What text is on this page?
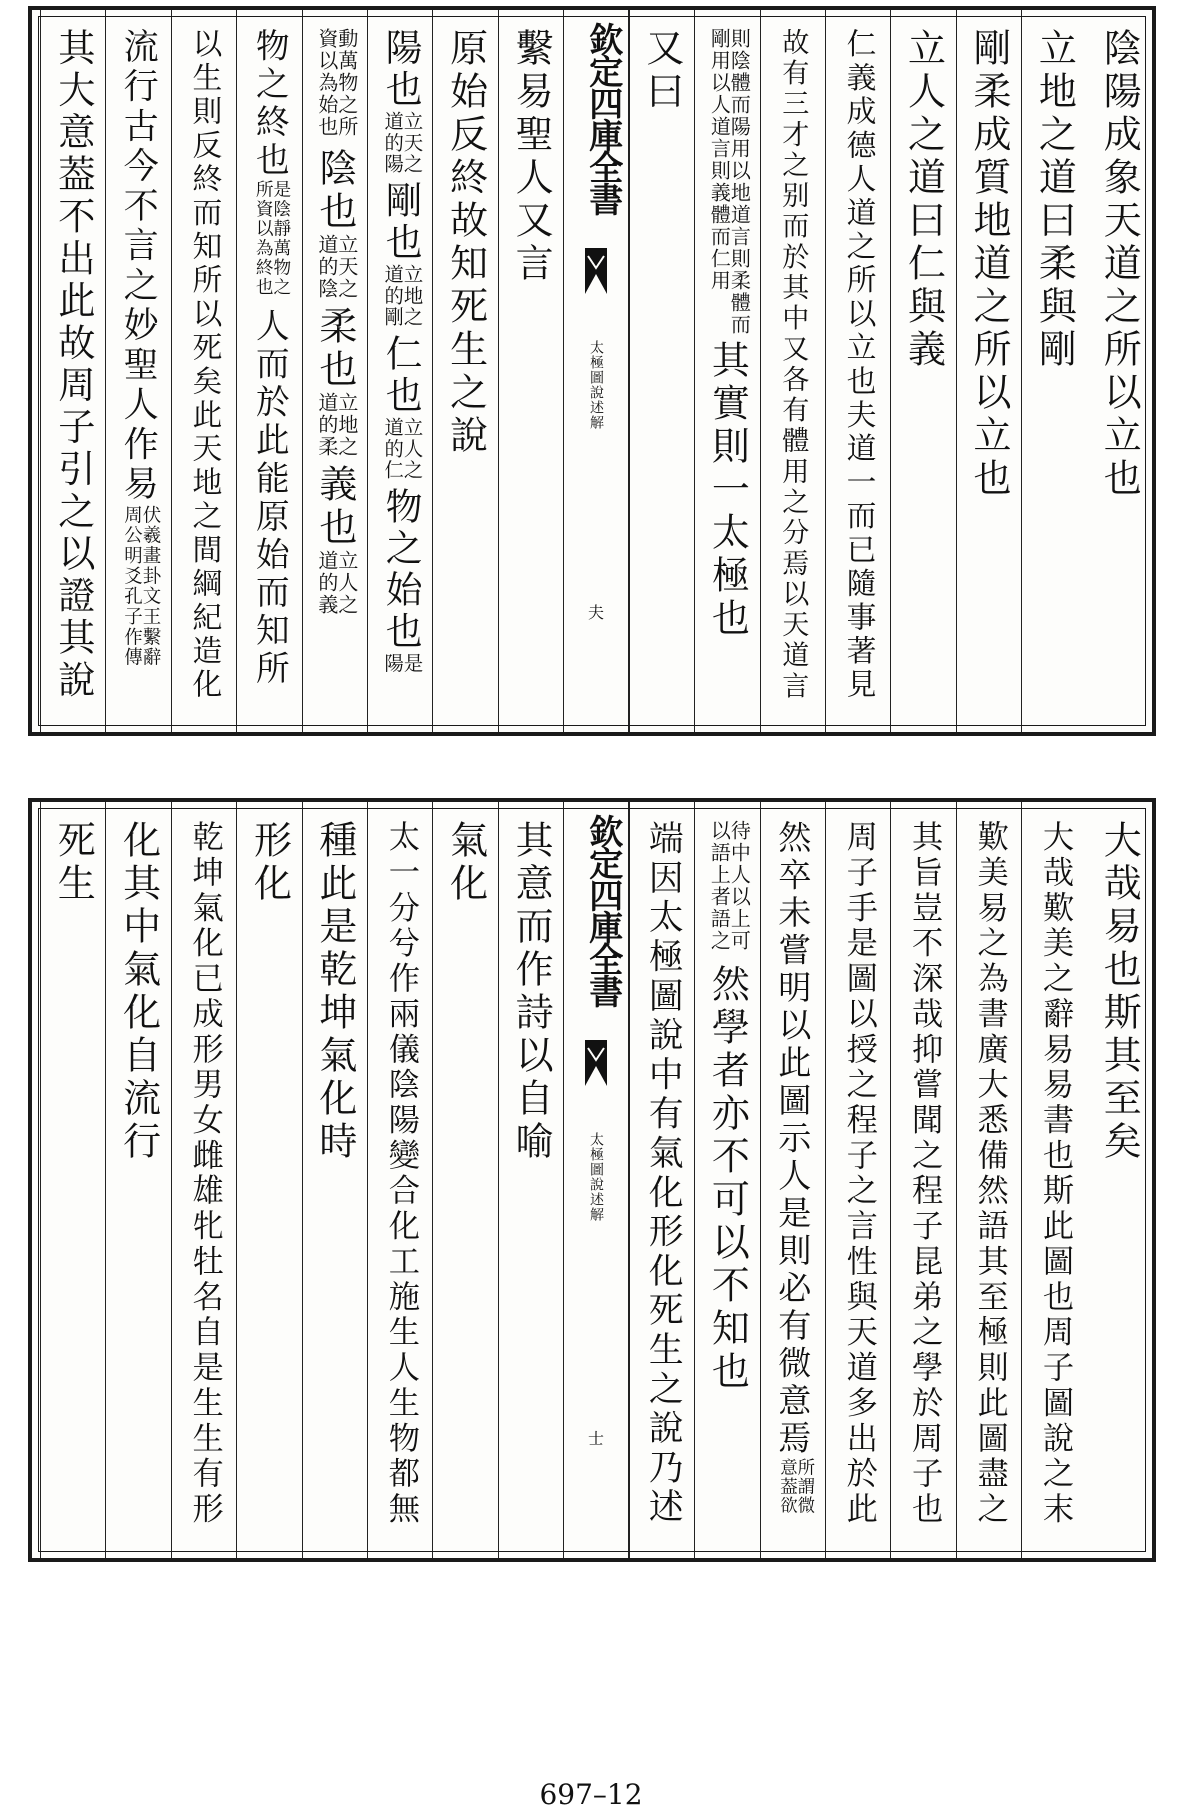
陰陽成象天道之所以立也
立地之道曰柔與剛
剛柔成質地道之所以立也
立人之道曰仁與義
仁義成德人道之所以立也夫道一而已隨事著見
故有三才之别而於其中又各有體用之分焉以天道言
則陰體而陽用以地道言則柔體而剛用以人道言則義體而仁用
其實則一太極也
又曰
欽定四庫全書
太極圖說述解
夫
繫易聖人又言
原始反終故知死生之說
陽也
立天之道的陽
剛也
立地之道的剛
仁也
立人之道的仁
物之始也
是陽
動萬物之所資以為始也
陰也
立天之道的陰
柔也
立地之道的柔
義也
立人之道的義
物之終也
是陰靜萬物之所資以為終也
人而於此能原始而知所
以生則反終而知所以死矣此天地之間綱紀造化
流行古今不言之妙聖人作易
伏羲畫卦文王繫辭周公明爻孔子作傳
其大意葢不出此故周子引之以證其說
大哉易也斯其至矣
大哉歎美之辭易易書也斯此圖也周子圖說之末
歎美易之為書廣大悉備然語其至極則此圖盡之
其旨豈不深哉抑嘗聞之程子昆弟之學於周子也
周子手是圖以授之程子之言性與天道多出於此
然卒未嘗明以此圖示人是則必有微意焉
所謂微意葢欲
待中人以上可以語上者語之
然學者亦不可以不知也
端因太極圖說中有氣化形化死生之說乃述
欽定四庫全書
太極圖說述解
士
其意而作詩以自喻
氣化
太一分兮作兩儀陰陽變合化工施生人生物都無
種此是乾坤氣化時
形化
乾坤氣化已成形男女雌雄牝牡名自是生生有形
化其中氣化自流行
死生
697–12
